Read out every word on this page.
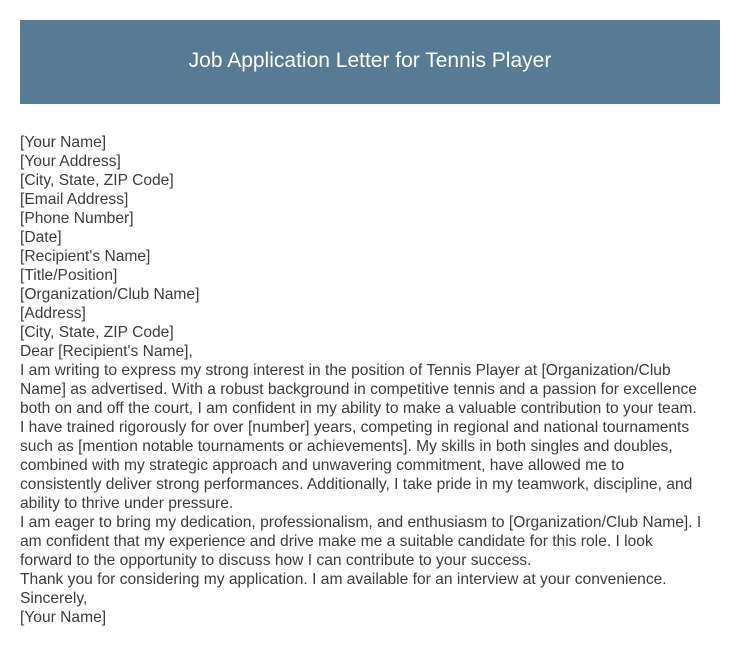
Job Application Letter for Tennis Player
[Your Name]
[Your Address]
[City, State, ZIP Code]
[Email Address]
[Phone Number]
[Date]
[Recipient's Name]
[Title/Position]
[Organization/Club Name]
[Address]
[City, State, ZIP Code]
Dear [Recipient's Name],
I am writing to express my strong interest in the position of Tennis Player at [Organization/Club
Name] as advertised. With a robust background in competitive tennis and a passion for excellence
both on and off the court, I am confident in my ability to make a valuable contribution to your team.
I have trained rigorously for over [number] years, competing in regional and national tournaments
such as [mention notable tournaments or achievements]. My skills in both singles and doubles,
combined with my strategic approach and unwavering commitment, have allowed me to
consistently deliver strong performances. Additionally, I take pride in my teamwork, discipline, and
ability to thrive under pressure.
I am eager to bring my dedication, professionalism, and enthusiasm to [Organization/Club Name]. I
am confident that my experience and drive make me a suitable candidate for this role. I look
forward to the opportunity to discuss how I can contribute to your success.
Thank you for considering my application. I am available for an interview at your convenience.
Sincerely,
[Your Name]
